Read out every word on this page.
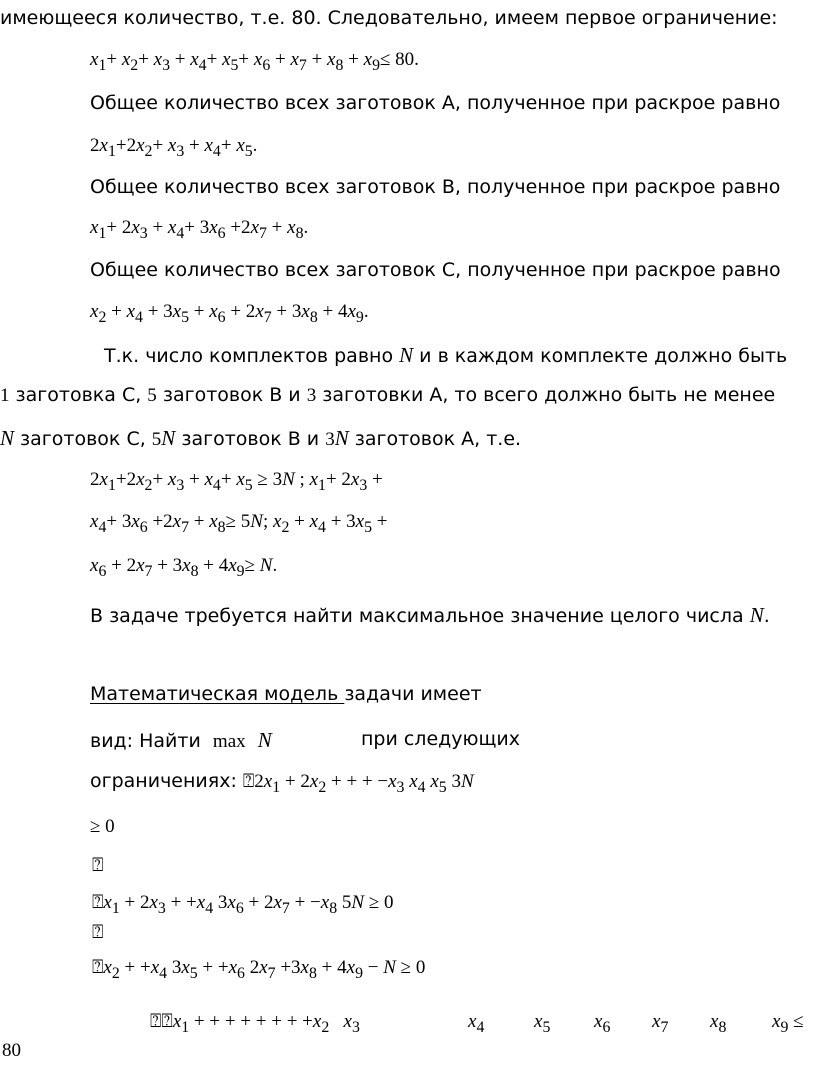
имеющееся количество, т.е. 80. Следовательно, имеем первое ограничение:
$x_1+ x_2+ x_3 + x_4+ x_5+ x_6 + x_7 + x_8 + x_9\le 80$.
Общее количество всех заготовок А, полученное при раскрое равно
$2x_1+2x_2+ x_3 + x_4+ x_5$.
Общее количество всех заготовок В, полученное при раскрое равно
$x_1+ 2x_3 + x_4+ 3x_6 +2x_7 + x_8$.
Общее количество всех заготовок С, полученное при раскрое равно
$x_2 + x_4 + 3x_5 + x_6 + 2x_7 + 3x_8 + 4x_9$.
Т.к. число комплектов равно N и в каждом комплекте должно быть
1 заготовка С, 5 заготовок В и 3 заготовки А, то всего должно быть не менее
N заготовок С, 5N заготовок В и 3N заготовок А, т.е.
$2x_1+2x_2+ x_3 + x_4+ x_5 \ge 3N$ ; $x_1+ 2x_3$ +
$x_4+ 3x_6 +2x_7 + x_8\ge 5N$; $x_2 + x_4 + 3x_5$ +
$x_6 + 2x_7 + 3x_8 + 4x_9\ge N$.
В задаче требуется найти максимальное значение целого числа N.
Математическая модель задачи имеет
вид: Найти max N	при следующих
ограничениях: $⍰2x_1 + 2x_2$ + + + $-x_3$ $x_4$ $x_5$ 3N
≥ 0
⍰
$⍰x_1 + 2x_3 + +x_4$ $3x_6 + 2x_7 + -x_8$ 5N ≥ 0
⍰
$⍰x_2 + +x_4$ $3x_5 + +x_6$ $2x_7 +3x_8 + 4x_9 - N \ge 0$
$⍰⍰x_1$ + + + + + + + $+x_2$ $x_3$	$x_4$	$x_5$ $x_6$ $x_7$ $x_8$ $x_9$ ≤
80
